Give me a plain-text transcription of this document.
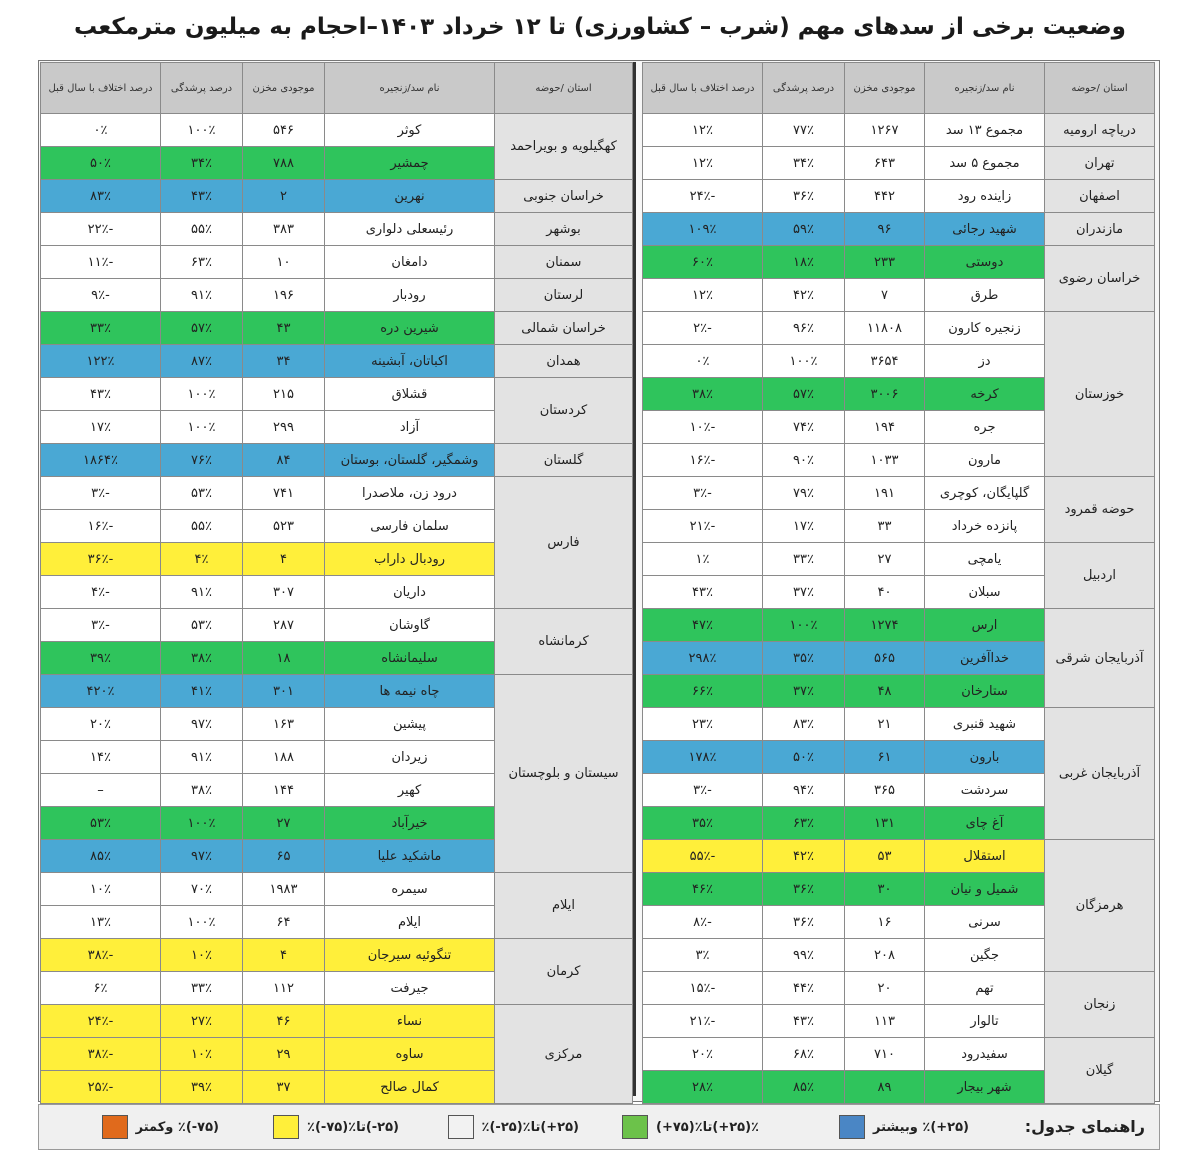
وضعیت برخی از سدهای مهم (شرب – کشاورزی) تا ۱۲ خرداد ۱۴۰۳–احجام به میلیون مترمکعب
استان /حوضه	نام سد/زنجیره	موجودی مخزن	درصد پرشدگی	درصد اختلاف با سال قبل
دریاچه ارومیه	مجموع ۱۳ سد	۱۲۶۷	۷۷٪	۱۲٪
تهران	مجموع ۵ سد	۶۴۳	۳۴٪	۱۲٪
اصفهان	زاینده رود	۴۴۲	۳۶٪	-۲۴٪
مازندران	شهید رجائی	۹۶	۵۹٪	۱۰۹٪
خراسان رضوی	دوستی	۲۳۳	۱۸٪	۶۰٪
	طرق	۷	۴۲٪	۱۲٪
خوزستان	زنجیره کارون	۱۱۸۰۸	۹۶٪	-۲٪
	دز	۳۶۵۴	۱۰۰٪	۰٪
	کرخه	۳۰۰۶	۵۷٪	۳۸٪
	جره	۱۹۴	۷۴٪	-۱۰٪
	مارون	۱۰۳۳	۹۰٪	-۱۶٪
حوضه قمرود	گلپایگان، کوچری	۱۹۱	۷۹٪	-۳٪
	پانزده خرداد	۳۳	۱۷٪	-۲۱٪
اردبیل	یامچی	۲۷	۳۳٪	۱٪
	سبلان	۴۰	۳۷٪	۴۳٪
آذربایجان شرقی	ارس	۱۲۷۴	۱۰۰٪	۴۷٪
	خداآفرین	۵۶۵	۳۵٪	۲۹۸٪
	ستارخان	۴۸	۳۷٪	۶۶٪
آذربایجان غربی	شهید قنبری	۲۱	۸۳٪	۲۳٪
	بارون	۶۱	۵۰٪	۱۷۸٪
	سردشت	۳۶۵	۹۴٪	-۳٪
	آغ چای	۱۳۱	۶۳٪	۳۵٪
هرمزگان	استقلال	۵۳	۴۲٪	-۵۵٪
	شمیل و نیان	۳۰	۳۶٪	۴۶٪
	سرنی	۱۶	۳۶٪	-۸٪
	جگین	۲۰۸	۹۹٪	۳٪
زنجان	تهم	۲۰	۴۴٪	-۱۵٪
	تالوار	۱۱۳	۴۳٪	-۲۱٪
گیلان	سفیدرود	۷۱۰	۶۸٪	۲۰٪
	شهر بیجار	۸۹	۸۵٪	۲۸٪
استان /حوضه	نام سد/زنجیره	موجودی مخزن	درصد پرشدگی	درصد اختلاف با سال قبل
کهگیلویه و بویراحمد	کوثر	۵۴۶	۱۰۰٪	۰٪
	چمشیر	۷۸۸	۳۴٪	۵۰٪
خراسان جنوبی	نهرین	۲	۴۳٪	۸۳٪
بوشهر	رئیسعلی دلواری	۳۸۳	۵۵٪	-۲۲٪
سمنان	دامغان	۱۰	۶۳٪	-۱۱٪
لرستان	رودبار	۱۹۶	۹۱٪	-۹٪
خراسان شمالی	شیرین دره	۴۳	۵۷٪	۳۳٪
همدان	اکباتان، آبشینه	۳۴	۸۷٪	۱۲۲٪
کردستان	قشلاق	۲۱۵	۱۰۰٪	۴۳٪
	آزاد	۲۹۹	۱۰۰٪	۱۷٪
گلستان	وشمگیر، گلستان، بوستان	۸۴	۷۶٪	۱۸۶۴٪
فارس	درود زن، ملاصدرا	۷۴۱	۵۳٪	-۳٪
	سلمان فارسی	۵۲۳	۵۵٪	-۱۶٪
	رودبال داراب	۴	۴٪	-۳۶٪
	داریان	۳۰۷	۹۱٪	-۴٪
کرمانشاه	گاوشان	۲۸۷	۵۳٪	-۳٪
	سلیمانشاه	۱۸	۳۸٪	۳۹٪
سیستان و بلوچستان	چاه نیمه ها	۳۰۱	۴۱٪	۴۲۰٪
	پیشین	۱۶۳	۹۷٪	۲۰٪
	زیردان	۱۸۸	۹۱٪	۱۴٪
	کهیر	۱۴۴	۳۸٪	–
	خیرآباد	۲۷	۱۰۰٪	۵۳٪
	ماشکید علیا	۶۵	۹۷٪	۸۵٪
ایلام	سیمره	۱۹۸۳	۷۰٪	۱۰٪
	ایلام	۶۴	۱۰۰٪	۱۳٪
کرمان	تنگوئیه سیرجان	۴	۱۰٪	-۳۸٪
	جیرفت	۱۱۲	۳۳٪	۶٪
مرکزی	نساء	۴۶	۲۷٪	-۲۴٪
	ساوه	۲۹	۱۰٪	-۳۸٪
	کمال صالح	۳۷	۳۹٪	-۲۵٪
راهنمای جدول:
(۲۵+)٪ وبیشتر
٪(۲۵+)تا٪(۷۵+)
(۲۵+)تا٪(۲۵-)٪
(۲۵-)تا٪(۷۵-)٪
(۷۵-)٪ وکمتر
